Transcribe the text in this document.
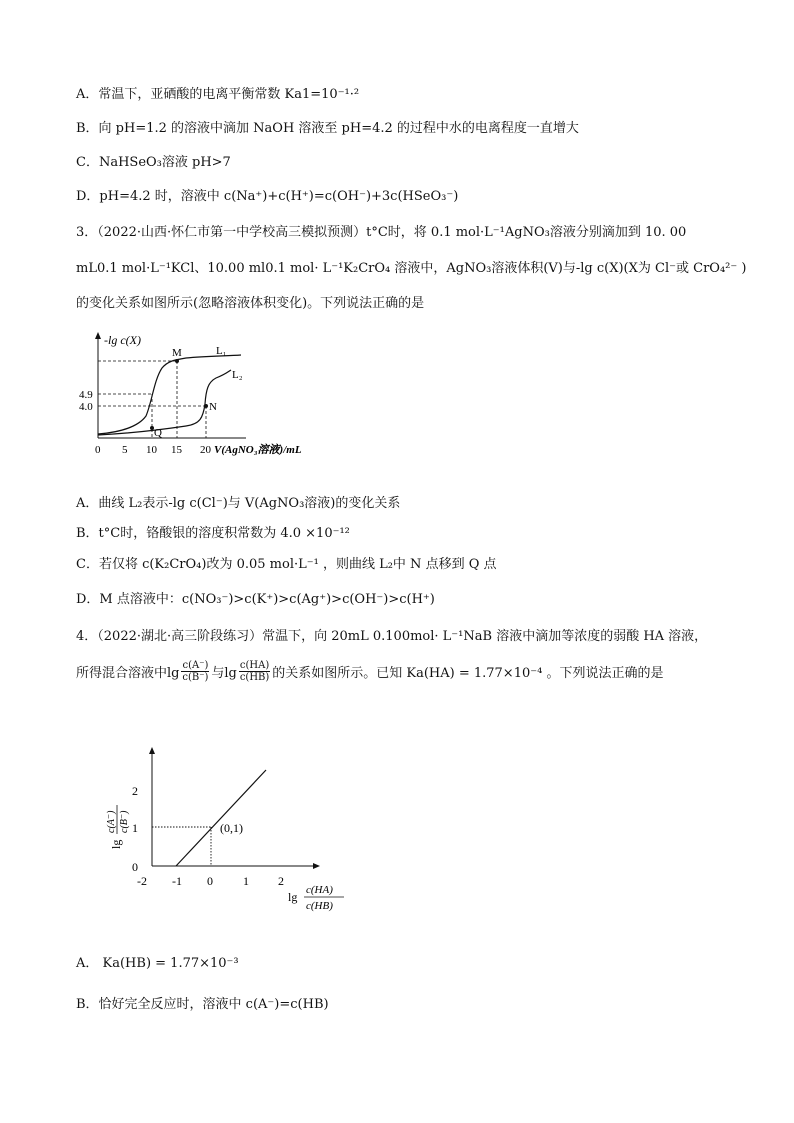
A．常温下，亚硒酸的电离平衡常数 Ka1=10⁻¹·²
B．向 pH=1.2 的溶液中滴加 NaOH 溶液至 pH=4.2 的过程中水的电离程度一直增大
C．NaHSeO₃溶液 pH>7
D．pH=4.2 时，溶液中 c(Na⁺)+c(H⁺)=c(OH⁻)+3c(HSeO₃⁻)
3．（2022·山西·怀仁市第一中学校高三模拟预测）t°C时，将 0.1 mol·L⁻¹AgNO₃溶液分别滴加到 10. 00
mL0.1 mol·L⁻¹KCl、10.00 ml0.1 mol· L⁻¹K₂CrO₄ 溶液中，AgNO₃溶液体积(V)与-lg c(X)(X为 Cl⁻或 CrO₄²⁻ )
的变化关系如图所示(忽略溶液体积变化)。下列说法正确的是
-lg c(X)
M
N
Q
L₁
L₂
4.9
4.0
0 5 10 15 20 V(AgNO₃溶液)/mL
A．曲线 L₂表示-lg c(Cl⁻)与 V(AgNO₃溶液)的变化关系
B．t°C时，铬酸银的溶度积常数为 4.0 ×10⁻¹²
C．若仅将 c(K₂CrO₄)改为 0.05 mol·L⁻¹ ，则曲线 L₂中 N 点移到 Q 点
D．M 点溶液中：c(NO₃⁻)>c(K⁺)>c(Ag⁺)>c(OH⁻)>c(H⁺)
4．（2022·湖北·高三阶段练习）常温下，向 20mL 0.100mol· L⁻¹NaB 溶液中滴加等浓度的弱酸 HA 溶液，
所得混合溶液中$\lg \frac{c(A^-)}{c(B^-)}$ 与$\lg \frac{c(HA)}{c(HB)}$ 的关系如图所示。已知 Ka(HA) = 1.77×10⁻⁴ 。下列说法正确的是
(0,1)
2
1
0
-2 -1 0	1 2
lg
c(A⁻) c(B⁻)
lg c(HA)
c(HB)
A． Ka(HB) = 1.77×10⁻³
B．恰好完全反应时，溶液中 c(A⁻)=c(HB)
